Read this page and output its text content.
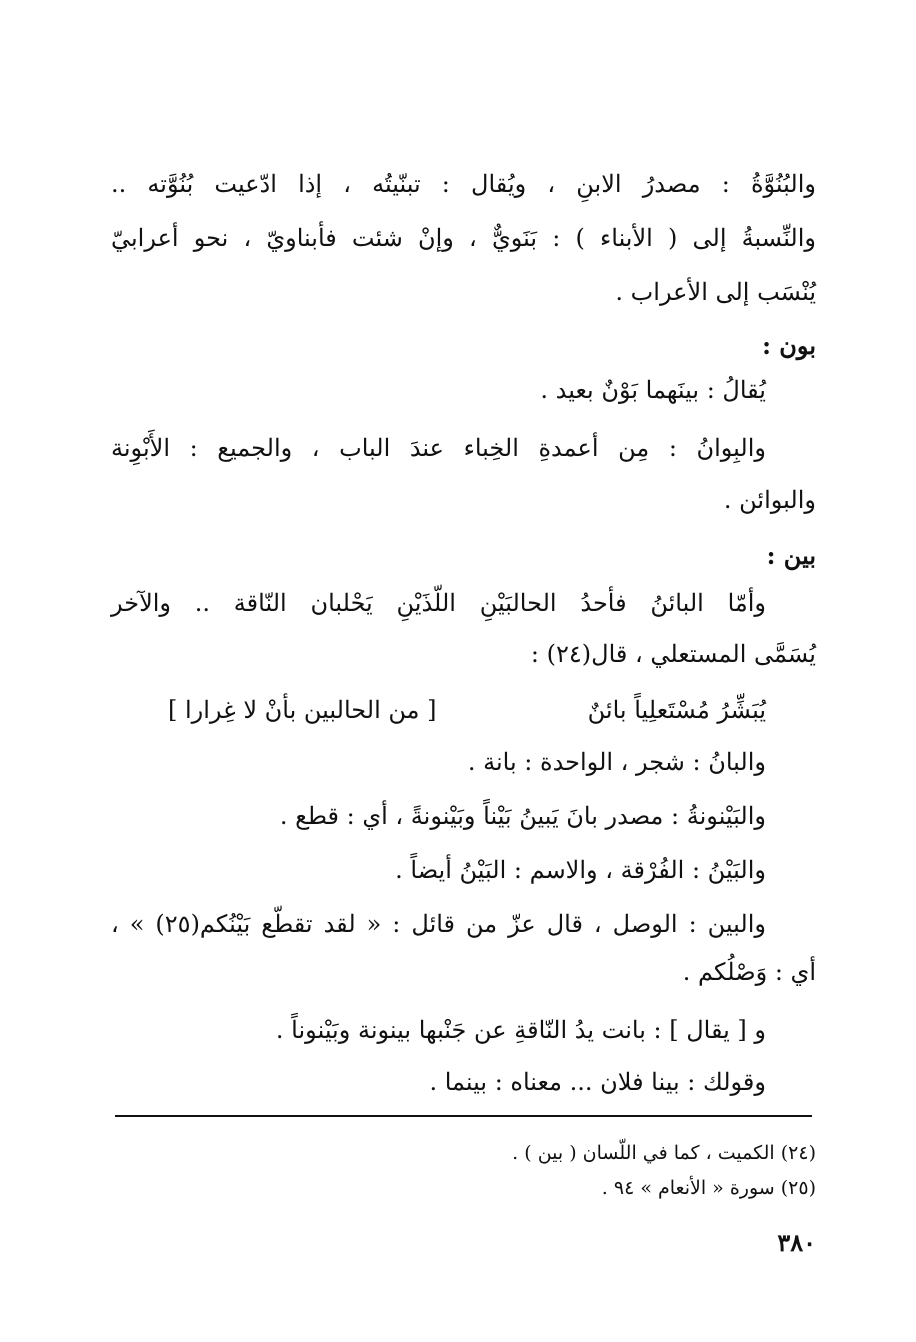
والبُنُوَّةُ : مصدرُ الابنِ ، ويُقال : تبنّيتُه ، إذا ادّعيت بُنُوَّته ..
والنِّسبةُ إلى ( الأبناء ) : بَنَويٌّ ، وإنْ شئت فأبناويّ ، نحو أعرابيّ
يُنْسَب إلى الأعراب .
بون :
يُقالُ : بينَهما بَوْنٌ بعيد .
والبِوانُ : مِن أعمدةِ الخِباء عندَ الباب ، والجميع : الأَبْوِنة
والبوائن .
بين :
وأمّا البائنُ فأحدُ الحالبَيْنِ اللّذَيْنِ يَحْلبان النّاقة .. والآخر
يُسَمَّى المستعلي ، قال(٢٤) :
يُبَشِّرُ مُسْتَعلِياً بائنٌ
[ من الحالبين بأنْ لا غِرارا ]
والبانُ : شجر ، الواحدة : بانة .
والبَيْنونةُ : مصدر بانَ يَبينُ بَيْناً وبَيْنونةً ، أي : قطع .
والبَيْنُ : الفُرْقة ، والاسم : البَيْنُ أيضاً .
والبين : الوصل ، قال عزّ من قائل : « لقد تقطّع بَيْنُكم(٢٥) » ،
أي : وَصْلُكم .
و [ يقال ] : بانت يدُ النّاقةِ عن جَنْبها بينونة وبَيْنوناً .
وقولك : بينا فلان ... معناه : بينما .
(٢٤) الكميت ، كما في اللّسان ( بين ) .
(٢٥) سورة « الأنعام » ٩٤ .
٣٨٠
